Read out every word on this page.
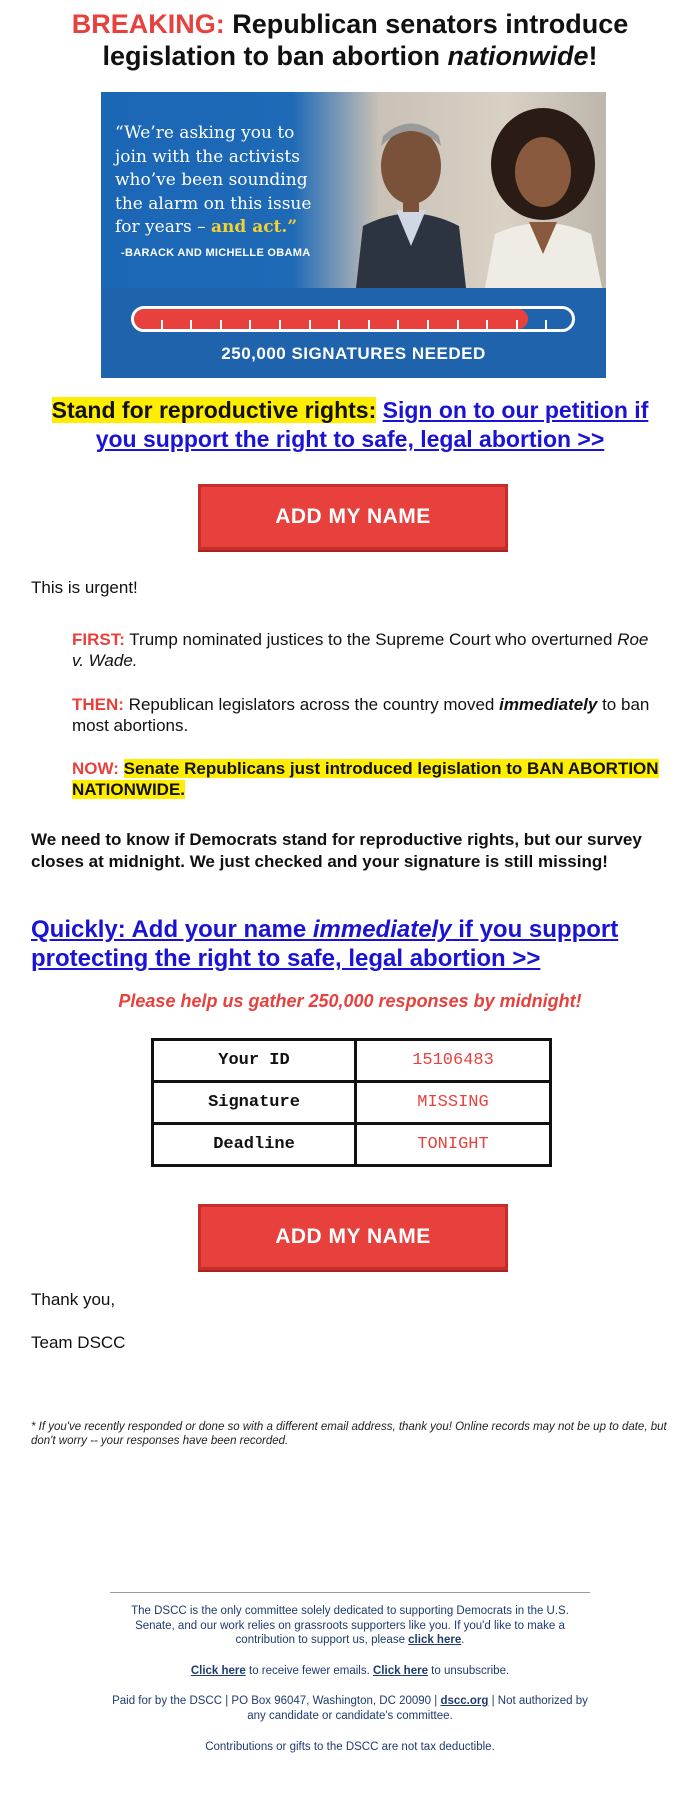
BREAKING: Republican senators introduce legislation to ban abortion nationwide!
“We’re asking you to join with the activists who’ve been sounding the alarm on this issue for years – and act.”
-BARACK AND MICHELLE OBAMA
250,000 SIGNATURES NEEDED
Stand for reproductive rights: Sign on to our petition if you support the right to safe, legal abortion >>
ADD MY NAME
This is urgent!
FIRST: Trump nominated justices to the Supreme Court who overturned Roe v. Wade.
THEN: Republican legislators across the country moved immediately to ban most abortions.
NOW: Senate Republicans just introduced legislation to BAN ABORTION NATIONWIDE.
We need to know if Democrats stand for reproductive rights, but our survey closes at midnight. We just checked and your signature is still missing!
Quickly: Add your name immediately if you support protecting the right to safe, legal abortion >>
Please help us gather 250,000 responses by midnight!
Your ID	15106483
Signature	MISSING
Deadline	TONIGHT
ADD MY NAME
Thank you,
Team DSCC
* If you've recently responded or done so with a different email address, thank you! Online records may not be up to date, but don't worry -- your responses have been recorded.
The DSCC is the only committee solely dedicated to supporting Democrats in the U.S. Senate, and our work relies on grassroots supporters like you. If you'd like to make a contribution to support us, please click here.
Click here to receive fewer emails. Click here to unsubscribe.
Paid for by the DSCC | PO Box 96047, Washington, DC 20090 | dscc.org | Not authorized by any candidate or candidate's committee.
Contributions or gifts to the DSCC are not tax deductible.
